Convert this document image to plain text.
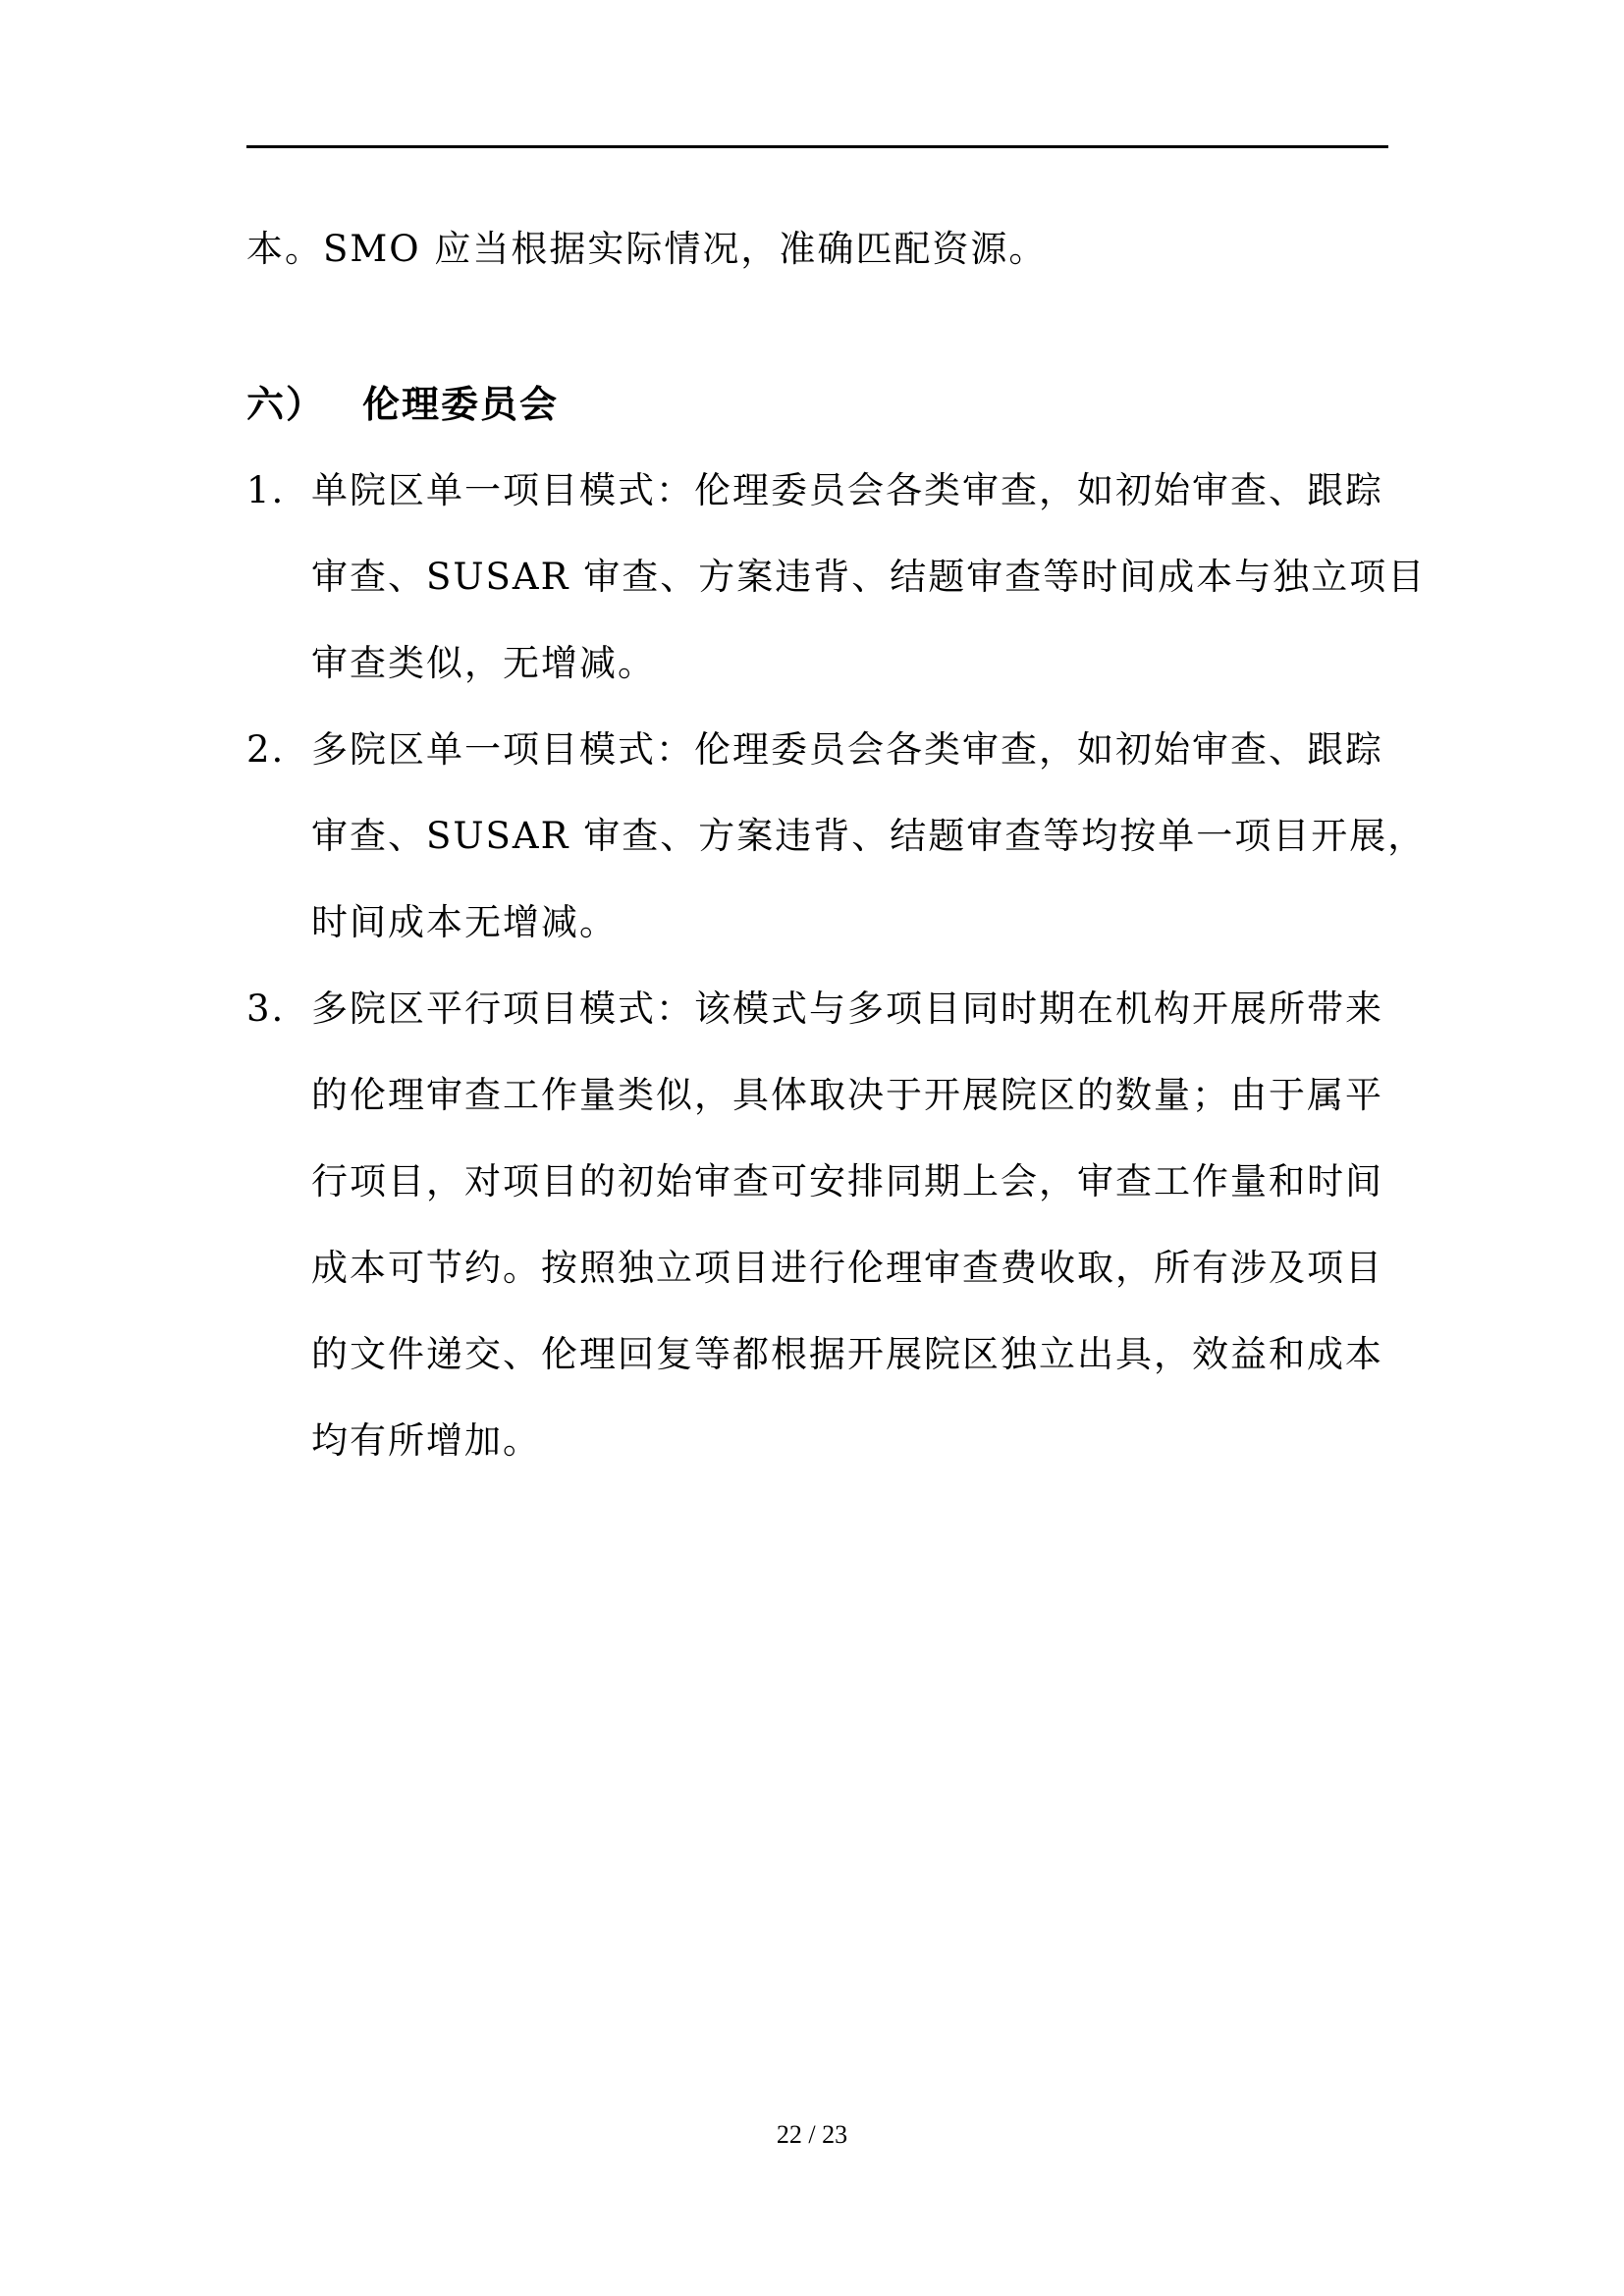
本。SMO 应当根据实际情况，准确匹配资源。

六） 伦理委员会
1. 单院区单一项目模式：伦理委员会各类审查，如初始审查、跟踪
审查、SUSAR 审查、方案违背、结题审查等时间成本与独立项目
审查类似，无增减。
2. 多院区单一项目模式：伦理委员会各类审查，如初始审查、跟踪
审查、SUSAR 审查、方案违背、结题审查等均按单一项目开展，
时间成本无增减。
3. 多院区平行项目模式：该模式与多项目同时期在机构开展所带来
的伦理审查工作量类似，具体取决于开展院区的数量；由于属平
行项目，对项目的初始审查可安排同期上会，审查工作量和时间
成本可节约。按照独立项目进行伦理审查费收取，所有涉及项目
的文件递交、伦理回复等都根据开展院区独立出具，效益和成本
均有所增加。
22 / 23
